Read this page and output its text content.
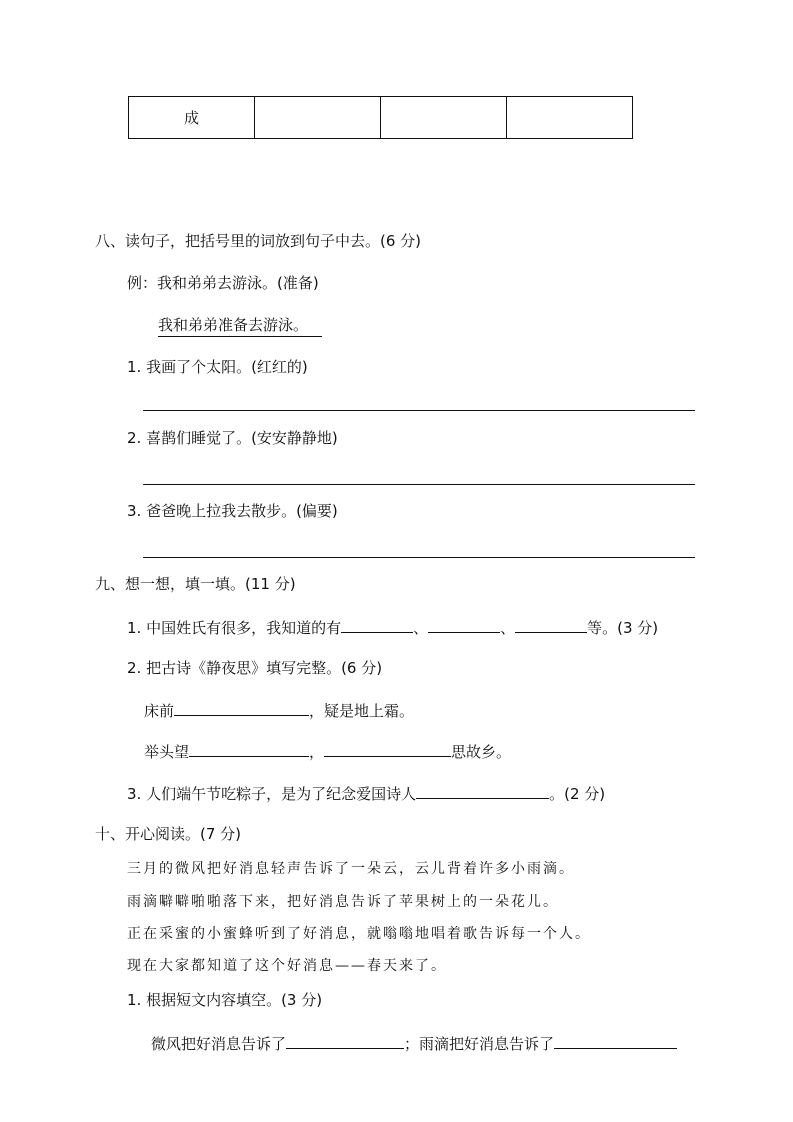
成			
八、读句子，把括号里的词放到句子中去。(6 分)
例：我和弟弟去游泳。(准备)
我和弟弟准备去游泳。
1. 我画了个太阳。(红红的)
2. 喜鹊们睡觉了。(安安静静地)
3. 爸爸晚上拉我去散步。(偏要)
九、想一想，填一填。(11 分)
1. 中国姓氏有很多，我知道的有	、	、	等。(3 分)
2. 把古诗《静夜思》填写完整。(6 分)
床前	，疑是地上霜。
举头望	，	思故乡。
3. 人们端午节吃粽子，是为了纪念爱国诗人	。(2 分)
十、开心阅读。(7 分)
三月的微风把好消息轻声告诉了一朵云，云儿背着许多小雨滴。
雨滴噼噼啪啪落下来，把好消息告诉了苹果树上的一朵花儿。
正在采蜜的小蜜蜂听到了好消息，就嗡嗡地唱着歌告诉每一个人。
现在大家都知道了这个好消息——春天来了。
1. 根据短文内容填空。(3 分)
微风把好消息告诉了	；雨滴把好消息告诉了
